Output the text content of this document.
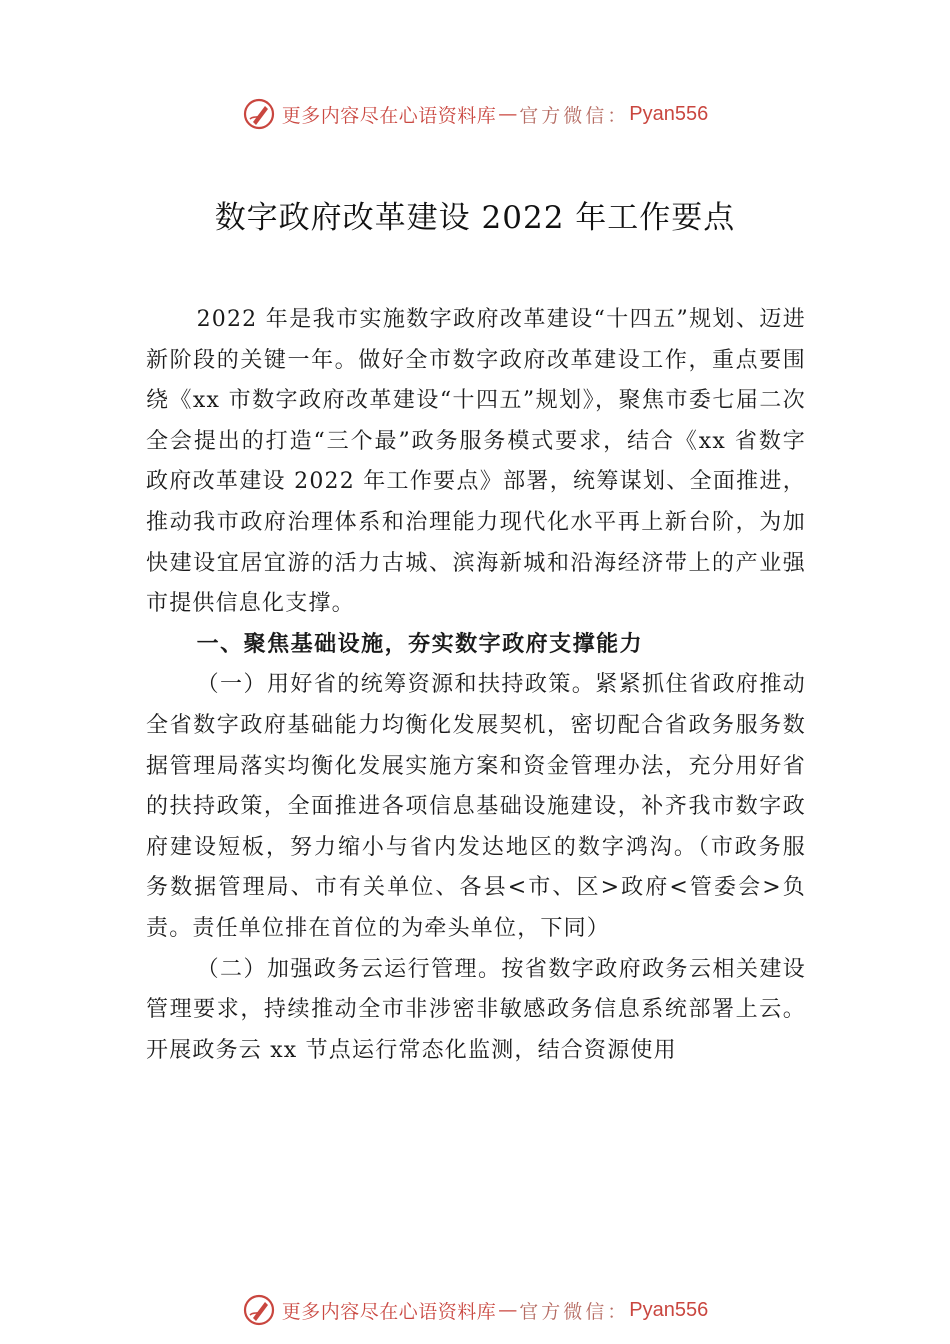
更多内容尽在心语资料库 — 官方微信： Pyan556
数字政府改革建设 2022 年工作要点

2022 年是我市实施数字政府改革建设“十四五”规划、迈进新阶段的关键一年。做好全市数字政府改革建设工作，重点要围绕《xx 市数字政府改革建设“十四五”规划》，聚焦市委七届二次全会提出的打造“三个最”政务服务模式要求，结合《xx 省数字政府改革建设 2022 年工作要点》部署，统筹谋划、全面推进，推动我市政府治理体系和治理能力现代化水平再上新台阶，为加快建设宜居宜游的活力古城、滨海新城和沿海经济带上的产业强市提供信息化支撑。

一、聚焦基础设施，夯实数字政府支撑能力

（一）用好省的统筹资源和扶持政策。紧紧抓住省政府推动全省数字政府基础能力均衡化发展契机，密切配合省政务服务数据管理局落实均衡化发展实施方案和资金管理办法，充分用好省的扶持政策，全面推进各项信息基础设施建设，补齐我市数字政府建设短板，努力缩小与省内发达地区的数字鸿沟。（市政务服务数据管理局、市有关单位、各县<市、区>政府<管委会>负责。责任单位排在首位的为牵头单位，下同）

（二）加强政务云运行管理。按省数字政府政务云相关建设管理要求，持续推动全市非涉密非敏感政务信息系统部署上云。开展政务云 xx 节点运行常态化监测，结合资源使用

更多内容尽在心语资料库 — 官方微信： Pyan556
